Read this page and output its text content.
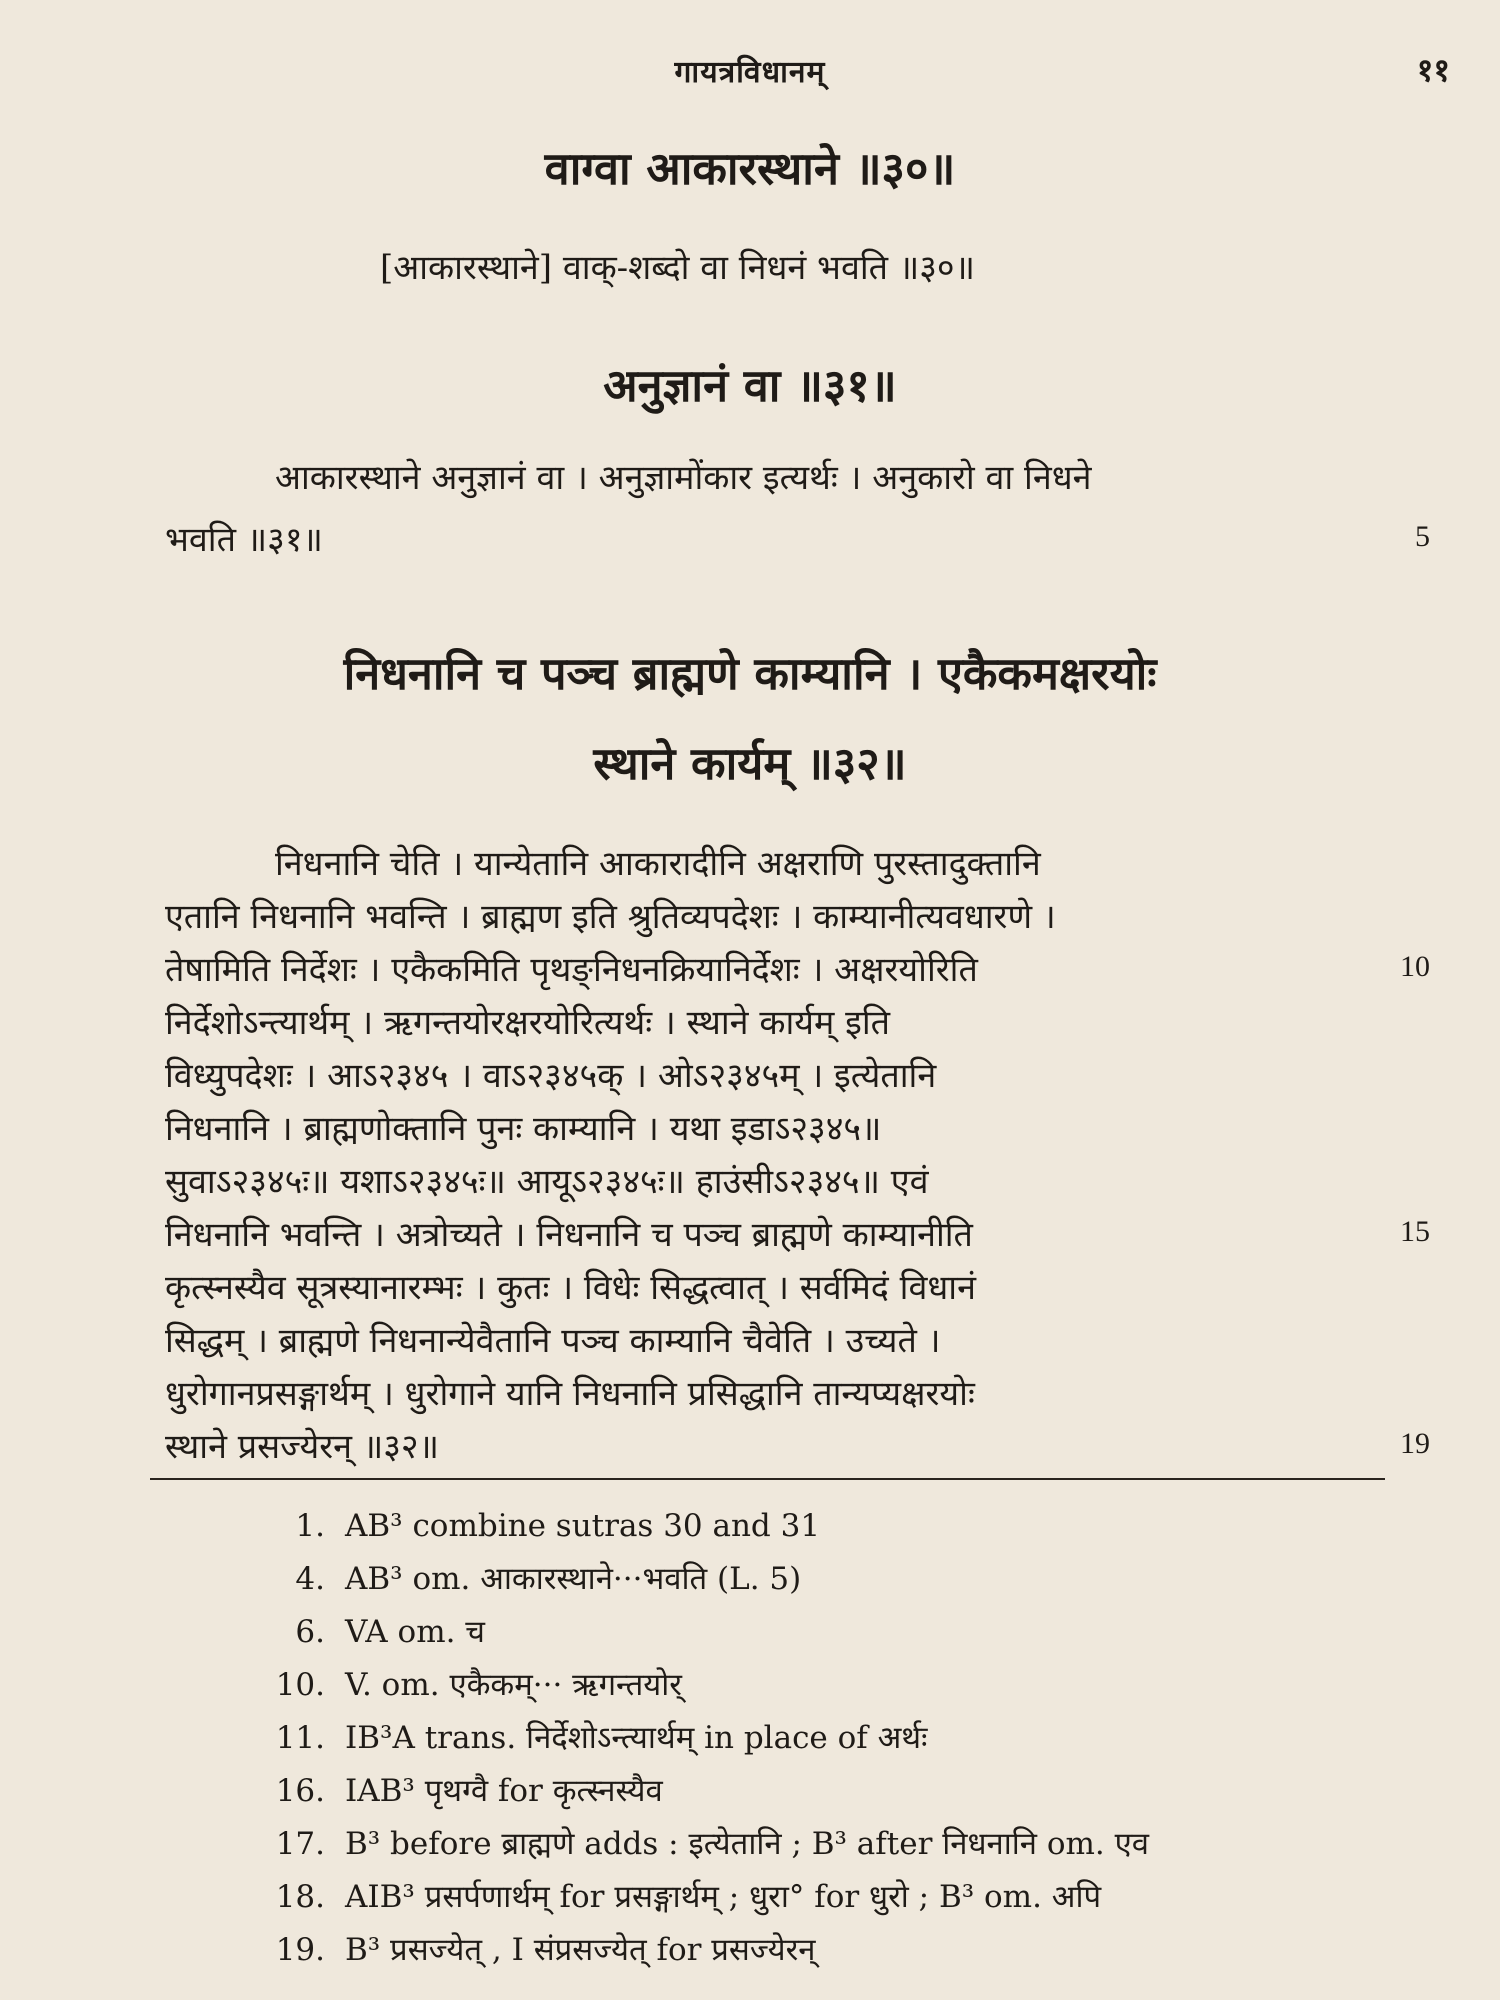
गायत्रविधानम्	११
वाग्वा आकारस्थाने ॥३०॥
[आकारस्थाने] वाक्-शब्दो वा निधनं भवति ॥३०॥
अनुज्ञानं वा ॥३१॥
आकारस्थाने अनुज्ञानं वा । अनुज्ञामोंकार इत्यर्थः । अनुकारो वा निधने
भवति ॥३१॥	5
निधनानि च पञ्च ब्राह्मणे काम्यानि । एकैकमक्षरयोः
स्थाने कार्यम् ॥३२॥
निधनानि चेति । यान्येतानि आकारादीनि अक्षराणि पुरस्तादुक्तानि
एतानि निधनानि भवन्ति । ब्राह्मण इति श्रुतिव्यपदेशः । काम्यानीत्यवधारणे ।
तेषामिति निर्देशः । एकैकमिति पृथङ्निधनक्रियानिर्देशः । अक्षरयोरिति
निर्देशोऽन्त्यार्थम् । ऋगन्तयोरक्षरयोरित्यर्थः । स्थाने कार्यम् इति
विध्युपदेशः । आऽ२३४५ । वाऽ२३४५क् । ओऽ२३४५म् । इत्येतानि
निधनानि । ब्राह्मणोक्तानि पुनः काम्यानि । यथा इडाऽ२३४५॥
सुवाऽ२३४५ः॥ यशाऽ२३४५ः॥ आयूऽ२३४५ः॥ हाउंसीऽ२३४५॥ एवं
निधनानि भवन्ति । अत्रोच्यते । निधनानि च पञ्च ब्राह्मणे काम्यानीति
कृत्स्नस्यैव सूत्रस्यानारम्भः । कुतः । विधेः सिद्धत्वात् । सर्वमिदं विधानं
सिद्धम् । ब्राह्मणे निधनान्येवैतानि पञ्च काम्यानि चैवेति । उच्यते ।
धुरोगानप्रसङ्गार्थम् । धुरोगाने यानि निधनानि प्रसिद्धानि तान्यप्यक्षरयोः
स्थाने प्रसज्येरन् ॥३२॥
10
15
19
1. AB³ combine sutras 30 and 31
4. AB³ om. आकारस्थाने···भवति (L. 5)
6. VA om. च
10. V. om. एकैकम्··· ऋगन्तयोर्
11. IB³A trans. निर्देशोऽन्त्यार्थम् in place of अर्थः
16. IAB³ पृथग्वै for कृत्स्नस्यैव
17. B³ before ब्राह्मणे adds : इत्येतानि ; B³ after निधनानि om. एव
18. AIB³ प्रसर्पणार्थम् for प्रसङ्गार्थम् ; धुरा° for धुरो ; B³ om. अपि
19. B³ प्रसज्येत् , I संप्रसज्येत् for प्रसज्येरन्
